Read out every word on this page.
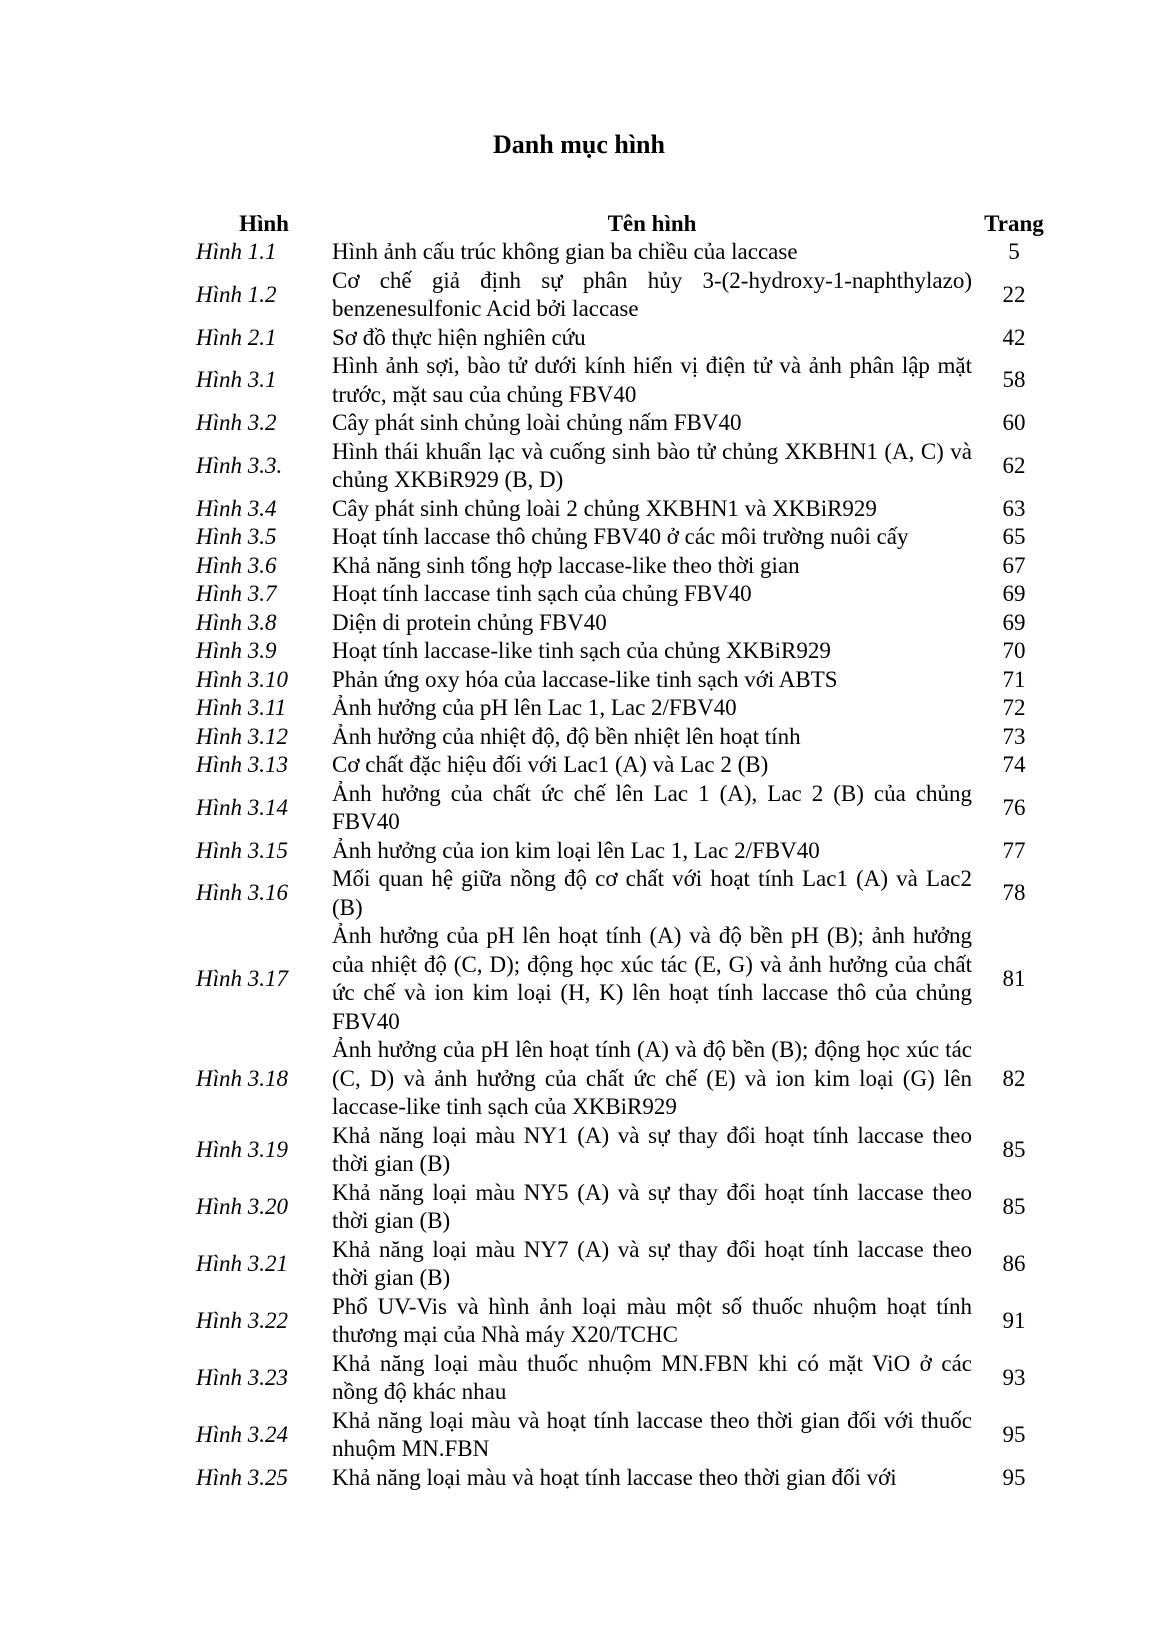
Danh mục hình
Hình	Tên hình	Trang
Hình 1.1	Hình ảnh cấu trúc không gian ba chiều của laccase	5
Hình 1.2	Cơ chế giả định sự phân hủy 3-(2-hydroxy-1-naphthylazo) benzenesulfonic Acid bởi laccase	22
Hình 2.1	Sơ đồ thực hiện nghiên cứu	42
Hình 3.1	Hình ảnh sợi, bào tử dưới kính hiển vị điện tử và ảnh phân lập mặt trước, mặt sau của chủng FBV40	58
Hình 3.2	Cây phát sinh chủng loài chủng nấm FBV40	60
Hình 3.3.	Hình thái khuẩn lạc và cuống sinh bào tử chủng XKBHN1 (A, C) và chủng XKBiR929 (B, D)	62
Hình 3.4	Cây phát sinh chủng loài 2 chủng XKBHN1 và XKBiR929	63
Hình 3.5	Hoạt tính laccase thô chủng FBV40 ở các môi trường nuôi cấy	65
Hình 3.6	Khả năng sinh tổng hợp laccase-like theo thời gian	67
Hình 3.7	Hoạt tính laccase tinh sạch của chủng FBV40	69
Hình 3.8	Diện di protein chủng FBV40	69
Hình 3.9	Hoạt tính laccase-like tinh sạch của chủng XKBiR929	70
Hình 3.10	Phản ứng oxy hóa của laccase-like tinh sạch với ABTS	71
Hình 3.11	Ảnh hưởng của pH lên Lac 1, Lac 2/FBV40	72
Hình 3.12	Ảnh hưởng của nhiệt độ, độ bền nhiệt lên hoạt tính	73
Hình 3.13	Cơ chất đặc hiệu đối với Lac1 (A) và Lac 2 (B)	74
Hình 3.14	Ảnh hưởng của chất ức chế lên Lac 1 (A), Lac 2 (B) của chủng FBV40	76
Hình 3.15	Ảnh hưởng của ion kim loại lên Lac 1, Lac 2/FBV40	77
Hình 3.16	Mối quan hệ giữa nồng độ cơ chất với hoạt tính Lac1 (A) và Lac2 (B)	78
Hình 3.17	Ảnh hưởng của pH lên hoạt tính (A) và độ bền pH (B); ảnh hưởng của nhiệt độ (C, D); động học xúc tác (E, G) và ảnh hưởng của chất ức chế và ion kim loại (H, K) lên hoạt tính laccase thô của chủng FBV40	81
Hình 3.18	Ảnh hưởng của pH lên hoạt tính (A) và độ bền (B); động học xúc tác (C, D) và ảnh hưởng của chất ức chế (E) và ion kim loại (G) lên laccase-like tinh sạch của XKBiR929	82
Hình 3.19	Khả năng loại màu NY1 (A) và sự thay đổi hoạt tính laccase theo thời gian (B)	85
Hình 3.20	Khả năng loại màu NY5 (A) và sự thay đổi hoạt tính laccase theo thời gian (B)	85
Hình 3.21	Khả năng loại màu NY7 (A) và sự thay đổi hoạt tính laccase theo thời gian (B)	86
Hình 3.22	Phổ UV-Vis và hình ảnh loại màu một số thuốc nhuộm hoạt tính thương mại của Nhà máy X20/TCHC	91
Hình 3.23	Khả năng loại màu thuốc nhuộm MN.FBN khi có mặt ViO ở các nồng độ khác nhau	93
Hình 3.24	Khả năng loại màu và hoạt tính laccase theo thời gian đối với thuốc nhuộm MN.FBN	95
Hình 3.25	Khả năng loại màu và hoạt tính laccase theo thời gian đối với	95
